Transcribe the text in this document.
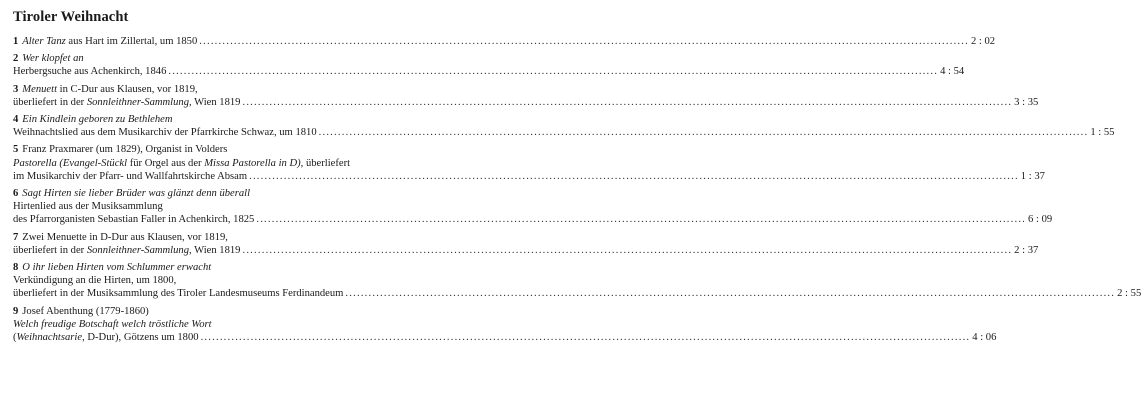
Tiroler Weihnacht
1 Alter Tanz aus Hart im Zillertal, um 1850 ........................................................................................................................................................................................................ 2 : 02
2 Wer klopfet an
Herbergsuche aus Achenkirch, 1846 ........................................................................................................................................................................................................ 4 : 54
3 Menuett in C-Dur aus Klausen, vor 1819,
überliefert in der Sonnleithner-Sammlung, Wien 1819 ........................................................................................................................................................................................................ 3 : 35
4 Ein Kindlein geboren zu Bethlehem
Weihnachtslied aus dem Musikarchiv der Pfarrkirche Schwaz, um 1810 ........................................................................................................................................................................................................ 1 : 55
5 Franz Praxmarer (um 1829), Organist in Volders
Pastorella (Evangel-Stückl für Orgel aus der Missa Pastorella in D), überliefert
im Musikarchiv der Pfarr- und Wallfahrtskirche Absam ........................................................................................................................................................................................................ 1 : 37
6 Sagt Hirten sie lieber Brüder was glänzt denn überall
Hirtenlied aus der Musiksammlung
des Pfarrorganisten Sebastian Faller in Achenkirch, 1825 ........................................................................................................................................................................................................ 6 : 09
7 Zwei Menuette in D-Dur aus Klausen, vor 1819,
überliefert in der Sonnleithner-Sammlung, Wien 1819 ........................................................................................................................................................................................................ 2 : 37
8 O ihr lieben Hirten vom Schlummer erwacht
Verkündigung an die Hirten, um 1800,
überliefert in der Musiksammlung des Tiroler Landesmuseums Ferdinandeum ........................................................................................................................................................................................................ 2 : 55
9 Josef Abenthung (1779-1860)
Welch freudige Botschaft welch tröstliche Wort
(Weihnachtsarie, D-Dur), Götzens um 1800 ........................................................................................................................................................................................................ 4 : 06
